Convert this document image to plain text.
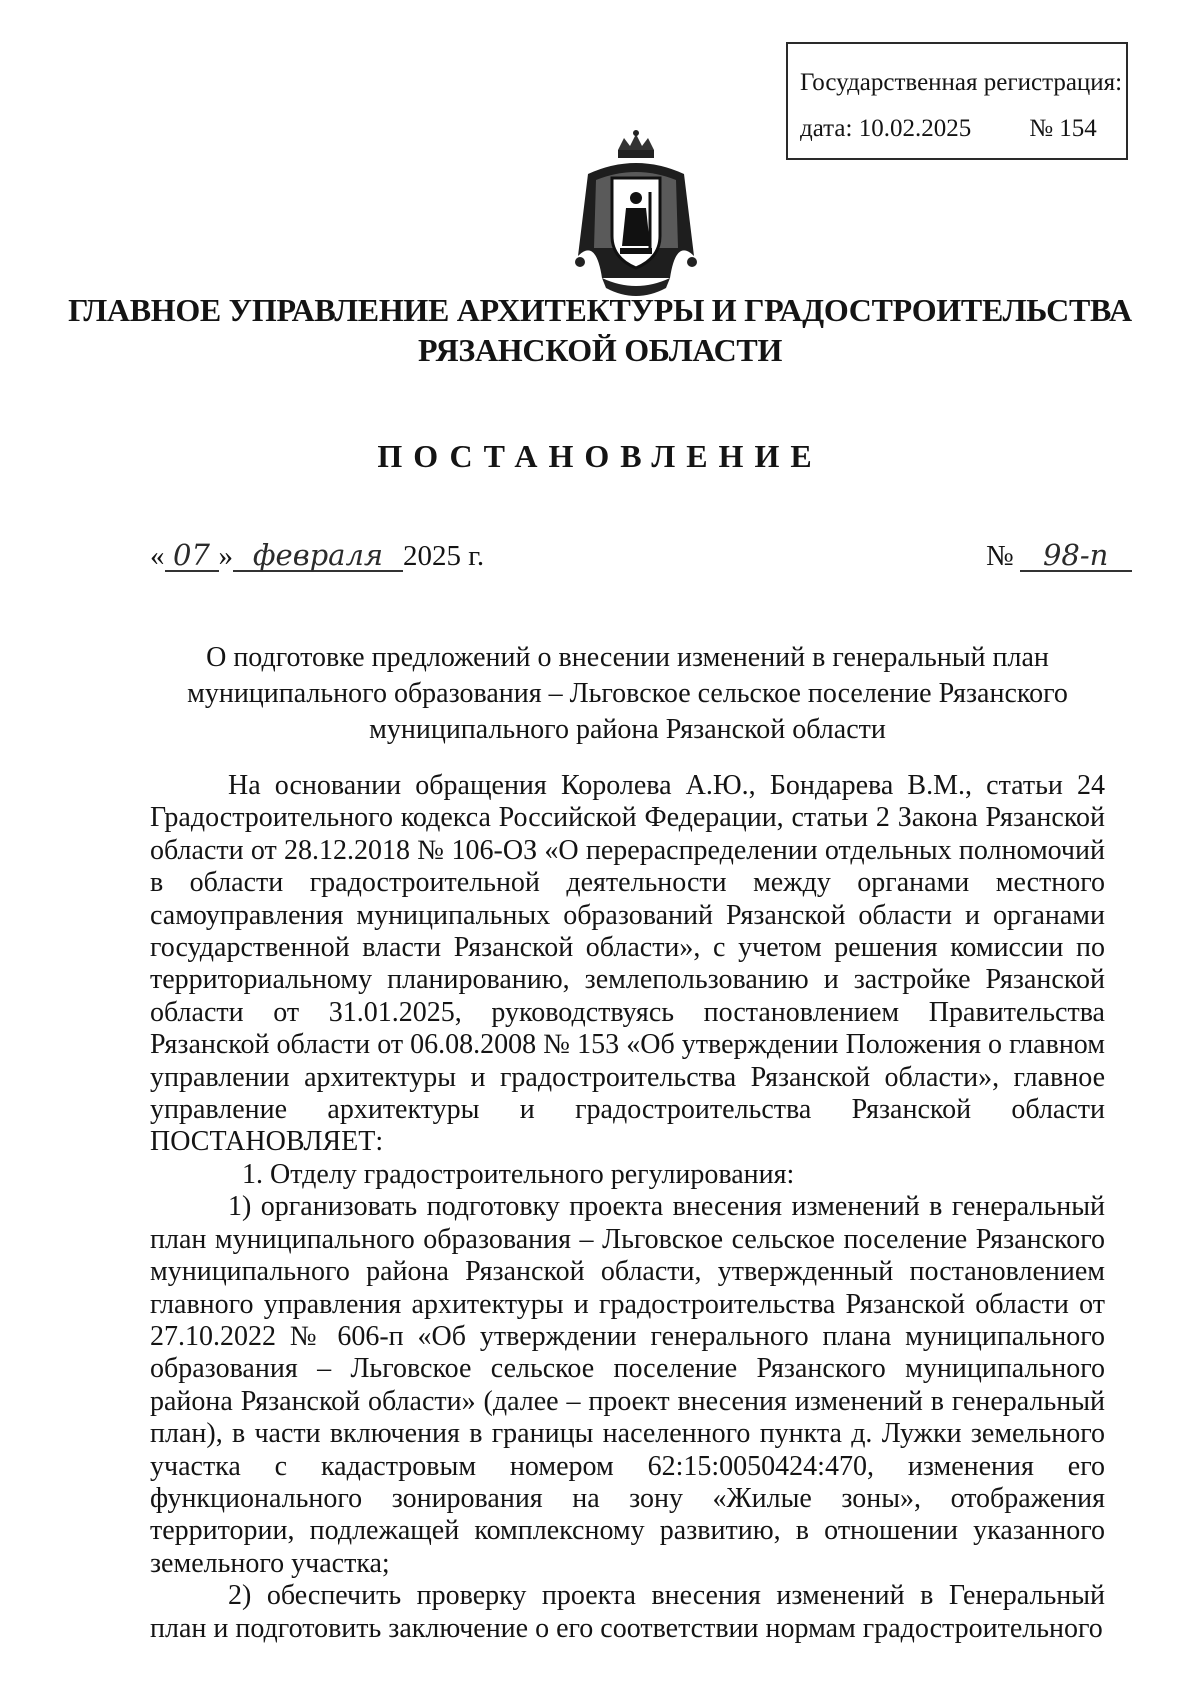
Государственная регистрация:
дата: 10.02.2025 № 154
ГЛАВНОЕ УПРАВЛЕНИЕ АРХИТЕКТУРЫ И ГРАДОСТРОИТЕЛЬСТВА
РЯЗАНСКОЙ ОБЛАСТИ
ПОСТАНОВЛЕНИЕ
« 07 » февраля 2025 г.	№ 98-п
О подготовке предложений о внесении изменений в генеральный план
муниципального образования – Льговское сельское поселение Рязанского
муниципального района Рязанской области

На основании обращения Королева А.Ю., Бондарева В.М., статьи 24 Градостроительного кодекса Российской Федерации, статьи 2 Закона Рязанской области от 28.12.2018 № 106-ОЗ «О перераспределении отдельных полномочий в области градостроительной деятельности между органами местного самоуправления муниципальных образований Рязанской области и органами государственной власти Рязанской области», с учетом решения комиссии по территориальному планированию, землепользованию и застройке Рязанской области от 31.01.2025, руководствуясь постановлением Правительства Рязанской области от 06.08.2008 № 153 «Об утверждении Положения о главном управлении архитектуры и градостроительства Рязанской области», главное управление архитектуры и градостроительства Рязанской области ПОСТАНОВЛЯЕТ:

1. Отделу градостроительного регулирования:

1) организовать подготовку проекта внесения изменений в генеральный план муниципального образования – Льговское сельское поселение Рязанского муниципального района Рязанской области, утвержденный постановлением главного управления архитектуры и градостроительства Рязанской области от 27.10.2022 № 606-п «Об утверждении генерального плана муниципального образования – Льговское сельское поселение Рязанского муниципального района Рязанской области» (далее – проект внесения изменений в генеральный план), в части включения в границы населенного пункта д. Лужки земельного участка с кадастровым номером 62:15:0050424:470, изменения его функционального зонирования на зону «Жилые зоны», отображения территории, подлежащей комплексному развитию, в отношении указанного земельного участка;

2) обеспечить проверку проекта внесения изменений в Генеральный план и подготовить заключение о его соответствии нормам градостроительного
